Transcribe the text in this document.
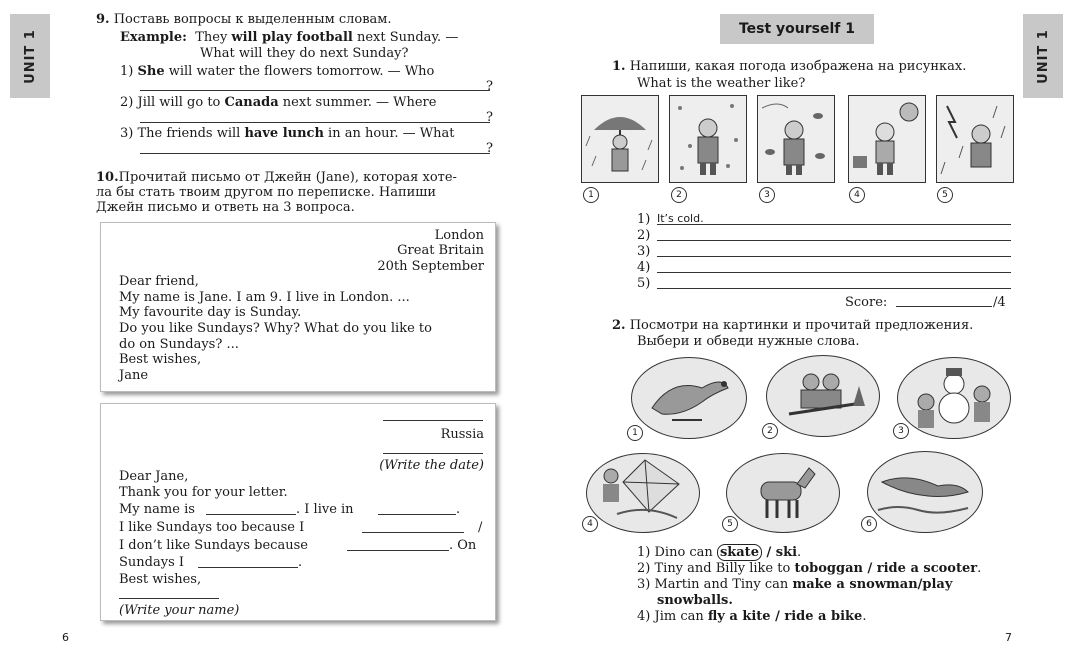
UNIT 1
9. Поставь вопросы к выделенным словам.
Example: They will play football next Sunday. —
What will they do next Sunday?
1) She will water the flowers tomorrow. — Who
?
2) Jill will go to Canada next summer. — Where
?
3) The friends will have lunch in an hour. — What
?
10.Прочитай письмо от Джейн (Jane), которая хоте-
ла бы стать твоим другом по переписке. Напиши
Джейн письмо и ответь на 3 вопроса.
London
Great Britain
20th September
Dear friend,
My name is Jane. I am 9. I live in London. ...
My favourite day is Sunday.
Do you like Sundays? Why? What do you like to
do on Sundays? ...
Best wishes,
Jane
Russia
(Write the date)
Dear Jane,
Thank you for your letter.
My name is	. I live in	.
I like Sundays too because I	/
I don’t like Sundays because	. On
Sundays I	.
Best wishes,
(Write your name)
6
UNIT 1
Test yourself 1
1. Напиши, какая погода изображена на рисунках.
What is the weather like?
1	2	3	4	5
1) It’s cold.
2)
3)
4)
5)
Score:	/4
2. Посмотри на картинки и прочитай предложения.
Выбери и обведи нужные слова.
1	2	3
4	5	6
1) Dino can skate / ski.
2) Tiny and Billy like to toboggan / ride a scooter.
3) Martin and Tiny can make a snowman/play
snowballs.
4) Jim can fly a kite / ride a bike.
7
